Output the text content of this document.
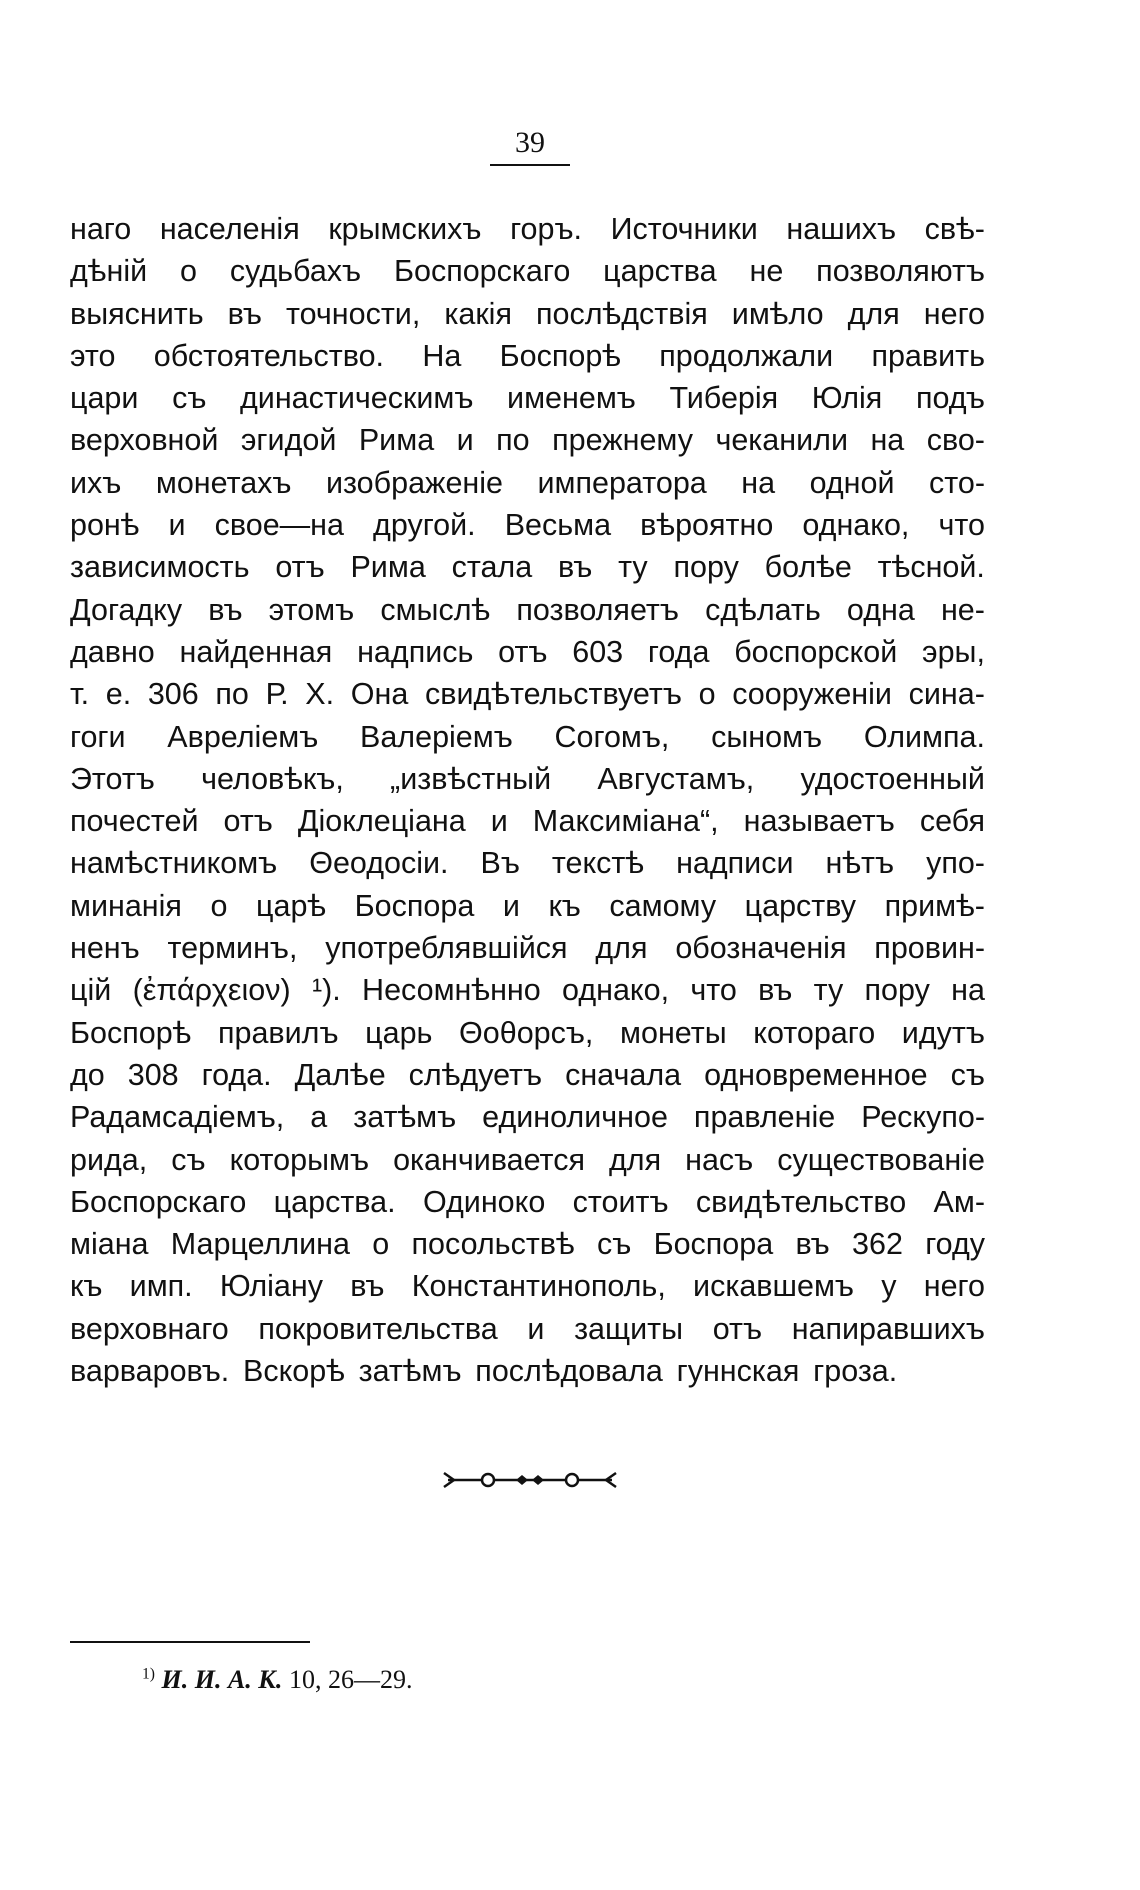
39
наго населенія крымскихъ горъ. Источники нашихъ свѣ-
дѣній о судьбахъ Боспорскаго царства не позволяютъ
выяснить въ точности, какія послѣдствія имѣло для него
это обстоятельство. На Боспорѣ продолжали править
цари съ династическимъ именемъ Тиберія Юлія подъ
верховной эгидой Рима и по прежнему чеканили на сво-
ихъ монетахъ изображеніе императора на одной сто-
ронѣ и свое—на другой. Весьма вѣроятно однако, что
зависимость отъ Рима стала въ ту пору болѣе тѣсной.
Догадку въ этомъ смыслѣ позволяетъ сдѣлать одна не-
давно найденная надпись отъ 603 года боспорской эры,
т. е. 306 по Р. Х. Она свидѣтельствуетъ о сооруженіи сина-
гоги Авреліемъ Валеріемъ Согомъ, сыномъ Олимпа.
Этотъ человѣкъ, „извѣстный Августамъ, удостоенный
почестей отъ Діоклеціана и Максиміана“, называетъ себя
намѣстникомъ Θеодосіи. Въ текстѣ надписи нѣтъ упо-
минанія о царѣ Боспора и къ самому царству примѣ-
ненъ терминъ, употреблявшійся для обозначенія провин-
цій (ἐπάρχειον) ¹). Несомнѣнно однако, что въ ту пору на
Боспорѣ правилъ царь Θоθорсъ, монеты котораго идутъ
до 308 года. Далѣе слѣдуетъ сначала одновременное съ
Радамсадіемъ, а затѣмъ единоличное правленіе Рескупо-
рида, съ которымъ оканчивается для насъ существованіе
Боспорскаго царства. Одиноко стоитъ свидѣтельство Ам-
міана Марцеллина о посольствѣ съ Боспора въ 362 году
къ имп. Юліану въ Константинополь, искавшемъ у него
верховнаго покровительства и защиты отъ напиравшихъ
варваровъ. Вскорѣ затѣмъ послѣдовала гуннская гроза.
$^{1)}$ И. И. А. К. 10, 26—29.
